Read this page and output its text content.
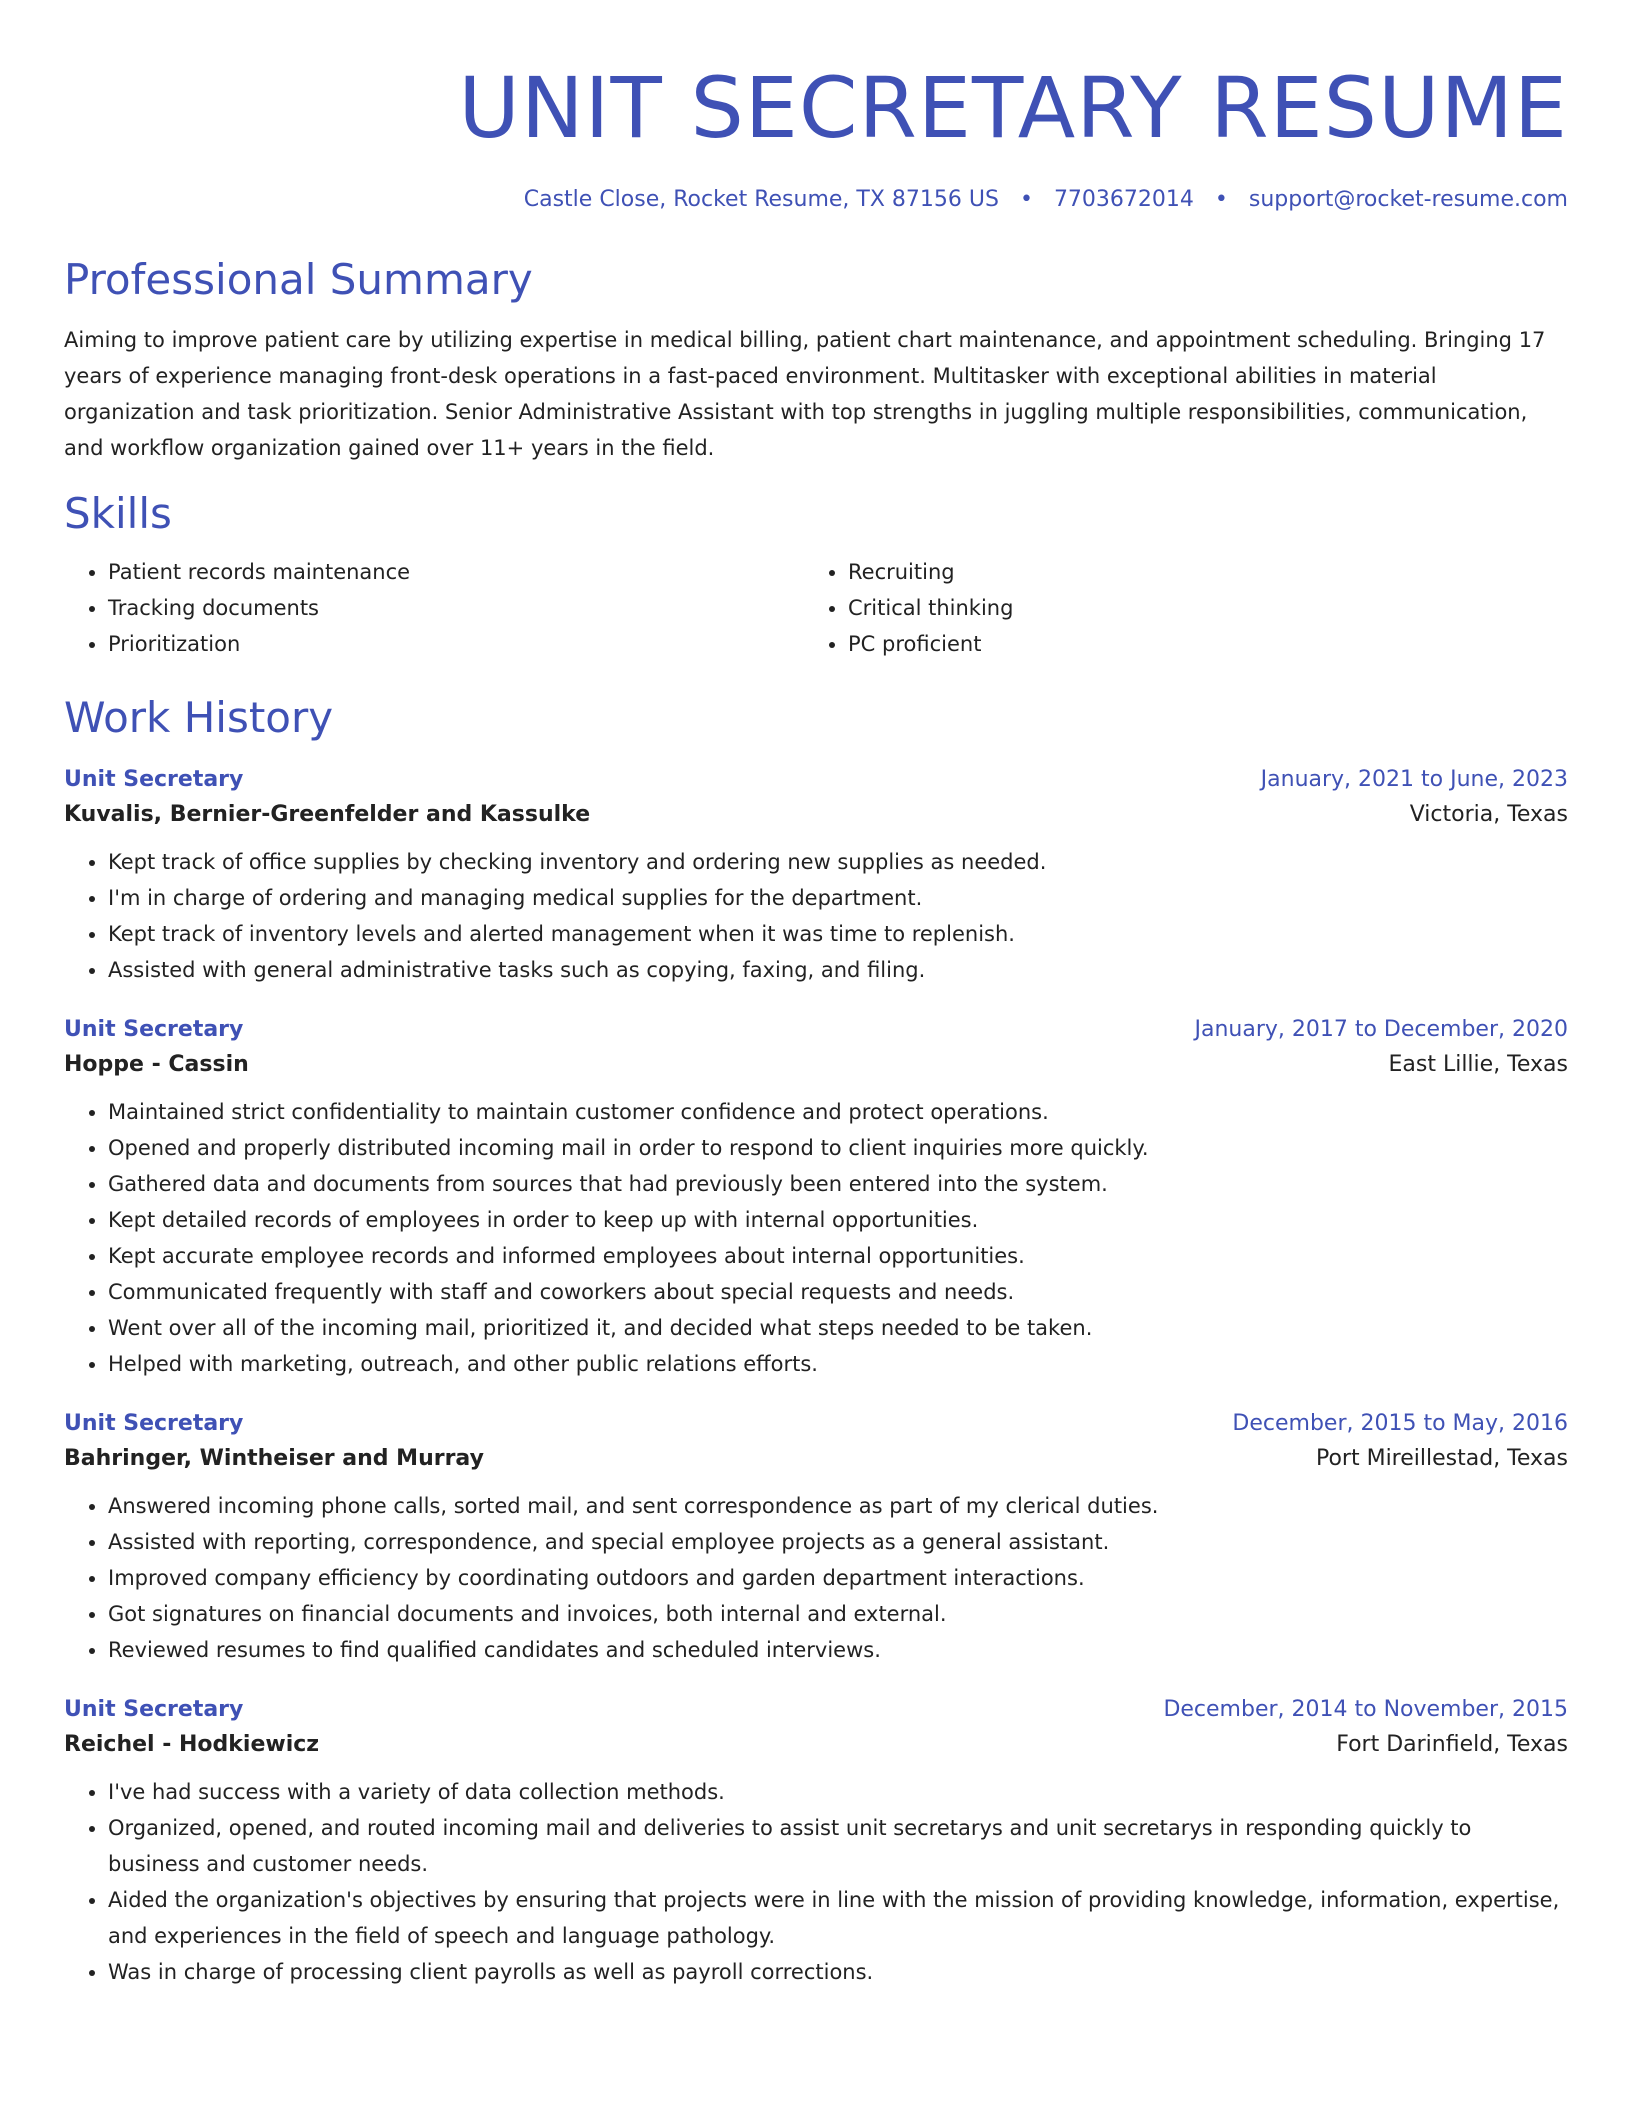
UNIT SECRETARY RESUME
Castle Close, Rocket Resume, TX 87156 US • 7703672014 • support@rocket-resume.com
Professional Summary
Aiming to improve patient care by utilizing expertise in medical billing, patient chart maintenance, and appointment scheduling. Bringing 17 years of experience managing front-desk operations in a fast-paced environment. Multitasker with exceptional abilities in material organization and task prioritization. Senior Administrative Assistant with top strengths in juggling multiple responsibilities, communication, and workflow organization gained over 11+ years in the field.
Skills
• Patient records maintenance
• Tracking documents
• Prioritization
• Recruiting
• Critical thinking
• PC proficient
Work History
Unit Secretary	January, 2021 to June, 2023
Kuvalis, Bernier-Greenfelder and Kassulke	Victoria, Texas
• Kept track of office supplies by checking inventory and ordering new supplies as needed.
• I'm in charge of ordering and managing medical supplies for the department.
• Kept track of inventory levels and alerted management when it was time to replenish.
• Assisted with general administrative tasks such as copying, faxing, and filing.
Unit Secretary	January, 2017 to December, 2020
Hoppe - Cassin	East Lillie, Texas
• Maintained strict confidentiality to maintain customer confidence and protect operations.
• Opened and properly distributed incoming mail in order to respond to client inquiries more quickly.
• Gathered data and documents from sources that had previously been entered into the system.
• Kept detailed records of employees in order to keep up with internal opportunities.
• Kept accurate employee records and informed employees about internal opportunities.
• Communicated frequently with staff and coworkers about special requests and needs.
• Went over all of the incoming mail, prioritized it, and decided what steps needed to be taken.
• Helped with marketing, outreach, and other public relations efforts.
Unit Secretary	December, 2015 to May, 2016
Bahringer, Wintheiser and Murray	Port Mireillestad, Texas
• Answered incoming phone calls, sorted mail, and sent correspondence as part of my clerical duties.
• Assisted with reporting, correspondence, and special employee projects as a general assistant.
• Improved company efficiency by coordinating outdoors and garden department interactions.
• Got signatures on financial documents and invoices, both internal and external.
• Reviewed resumes to find qualified candidates and scheduled interviews.
Unit Secretary	December, 2014 to November, 2015
Reichel - Hodkiewicz	Fort Darinfield, Texas
• I've had success with a variety of data collection methods.
• Organized, opened, and routed incoming mail and deliveries to assist unit secretarys and unit secretarys in responding quickly to business and customer needs.
• Aided the organization's objectives by ensuring that projects were in line with the mission of providing knowledge, information, expertise, and experiences in the field of speech and language pathology.
• Was in charge of processing client payrolls as well as payroll corrections.
